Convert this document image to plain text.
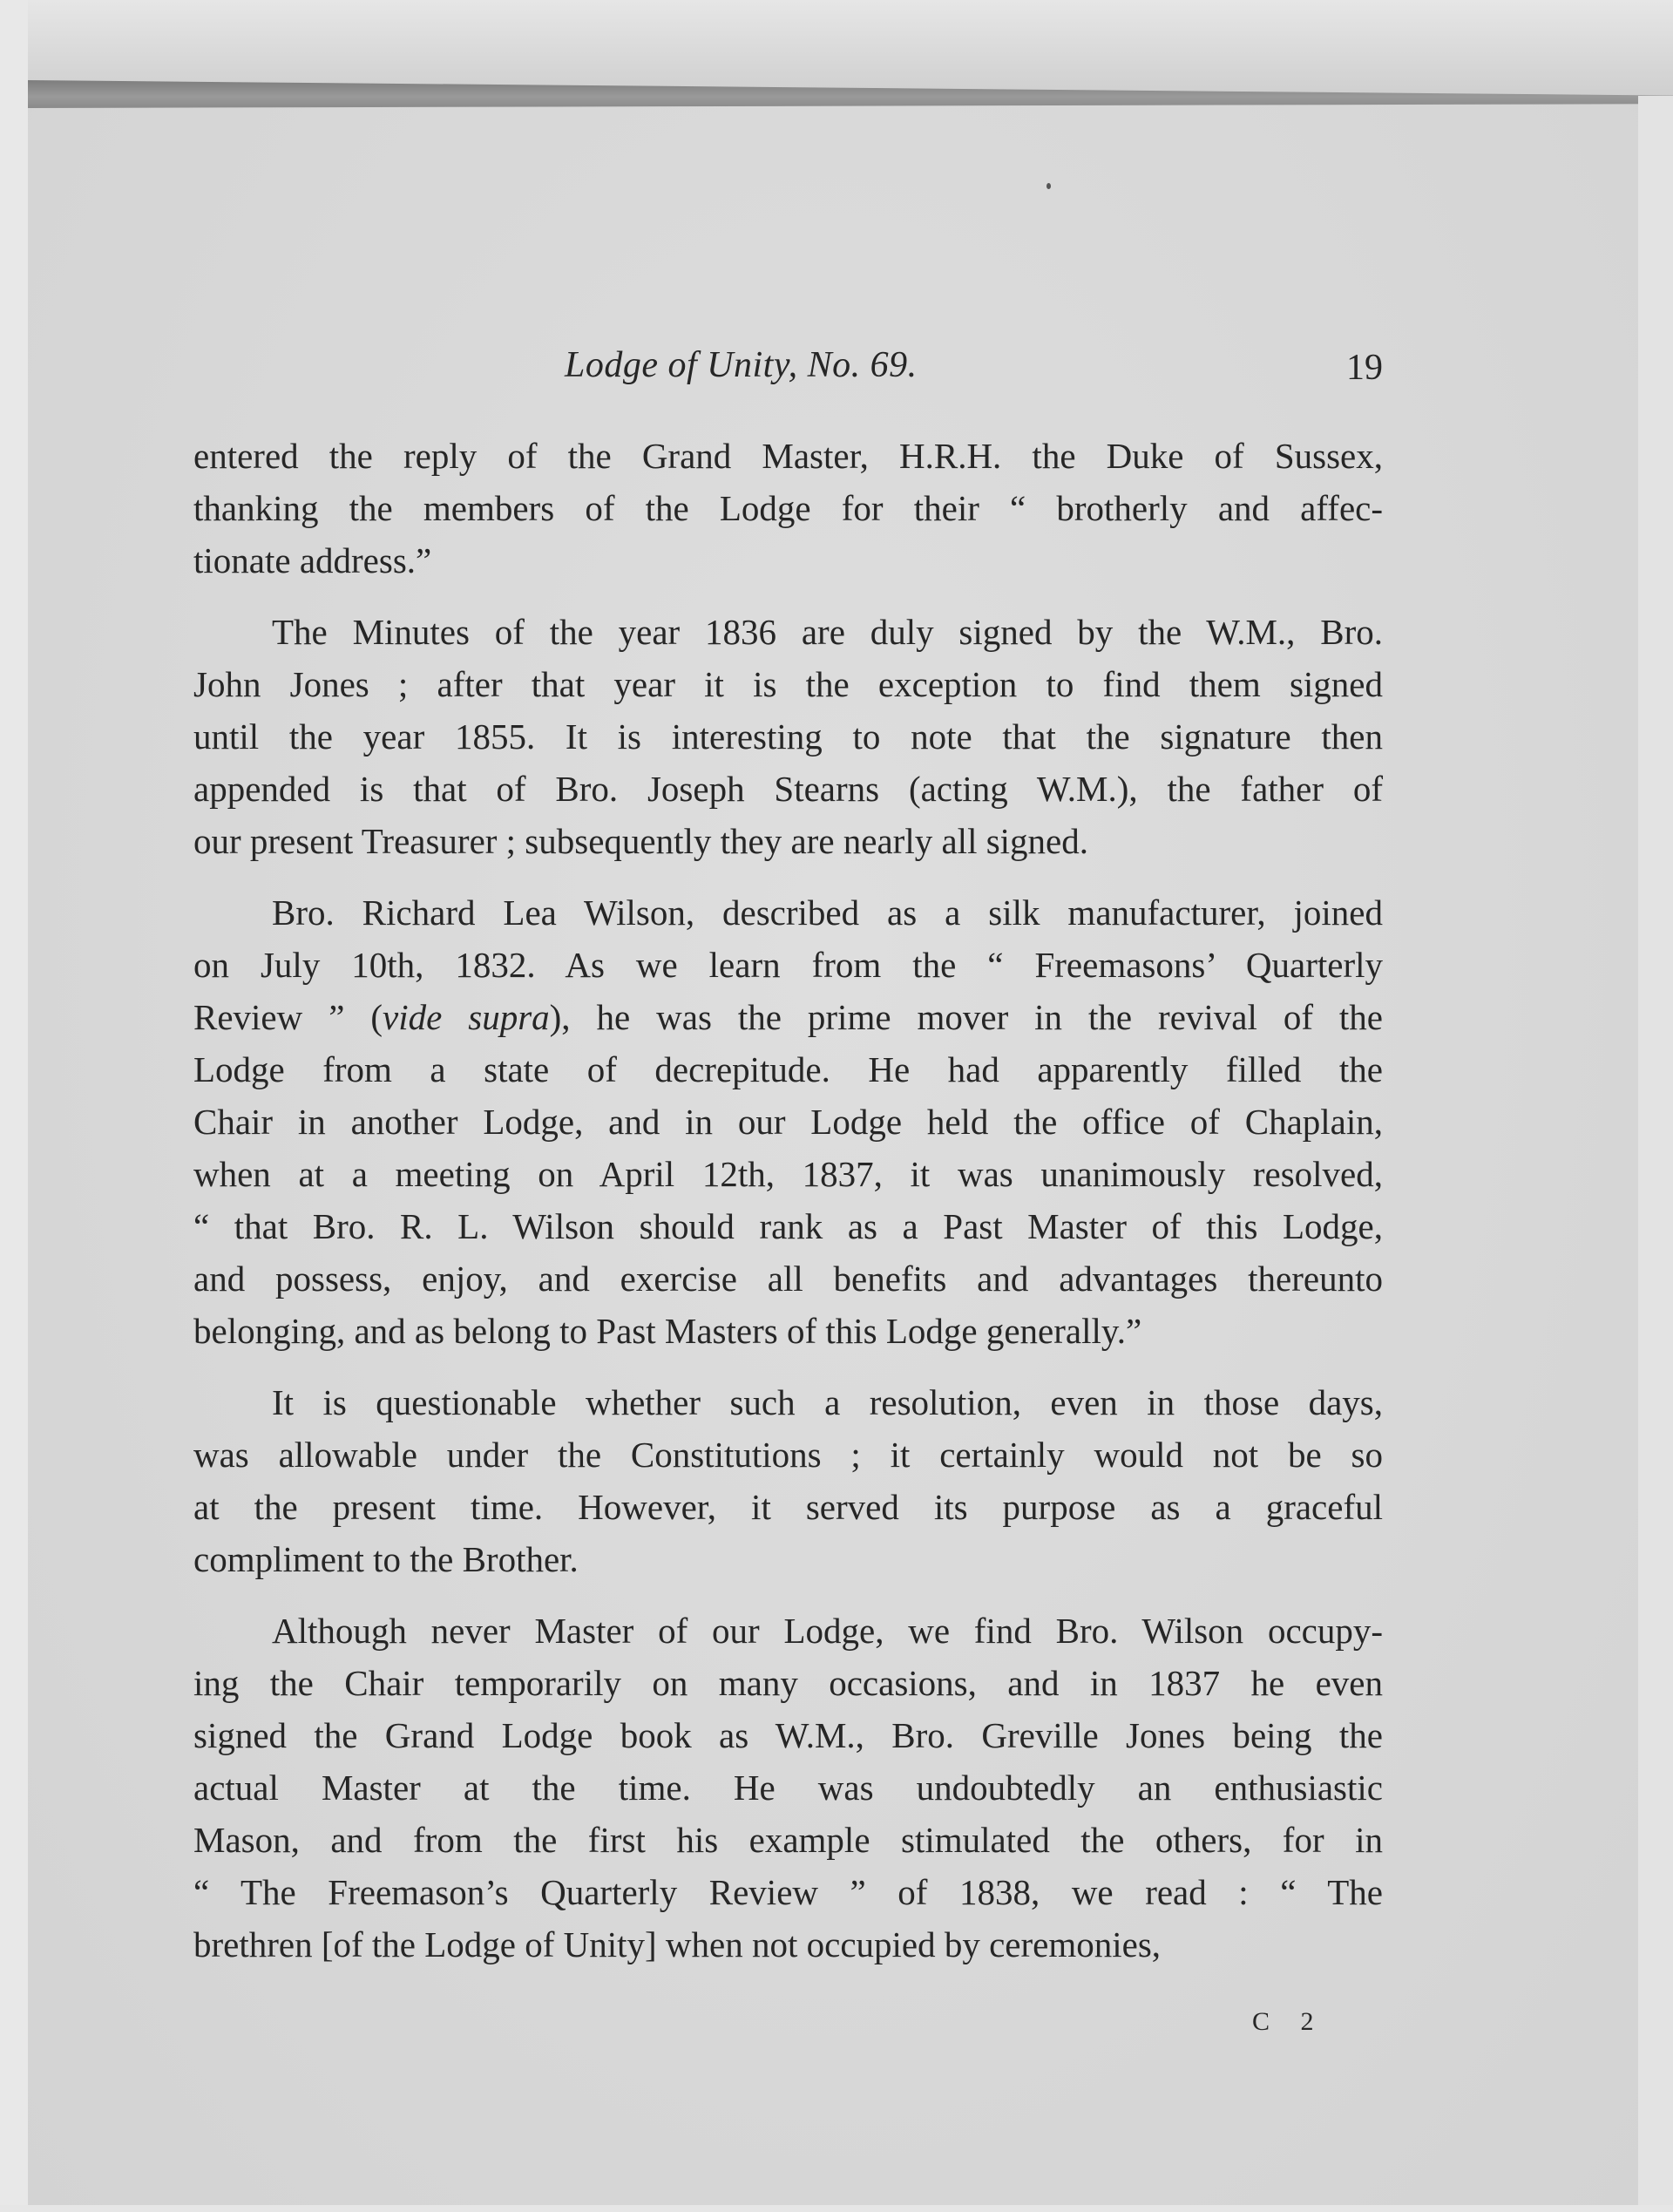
Lodge of Unity, No. 69.	19
entered the reply of the Grand Master, H.R.H. the Duke of Sussex,
thanking the members of the Lodge for their “ brotherly and affec-
tionate address.”
The Minutes of the year 1836 are duly signed by the W.M., Bro.
John Jones ; after that year it is the exception to find them signed
until the year 1855. It is interesting to note that the signature then
appended is that of Bro. Joseph Stearns (acting W.M.), the father of
our present Treasurer ; subsequently they are nearly all signed.
Bro. Richard Lea Wilson, described as a silk manufacturer, joined
on July 10th, 1832. As we learn from the “ Freemasons’ Quarterly
Review ” (vide supra), he was the prime mover in the revival of the
Lodge from a state of decrepitude. He had apparently filled the
Chair in another Lodge, and in our Lodge held the office of Chaplain,
when at a meeting on April 12th, 1837, it was unanimously resolved,
“ that Bro. R. L. Wilson should rank as a Past Master of this Lodge,
and possess, enjoy, and exercise all benefits and advantages thereunto
belonging, and as belong to Past Masters of this Lodge generally.”
It is questionable whether such a resolution, even in those days,
was allowable under the Constitutions ; it certainly would not be so
at the present time. However, it served its purpose as a graceful
compliment to the Brother.
Although never Master of our Lodge, we find Bro. Wilson occupy-
ing the Chair temporarily on many occasions, and in 1837 he even
signed the Grand Lodge book as W.M., Bro. Greville Jones being the
actual Master at the time. He was undoubtedly an enthusiastic
Mason, and from the first his example stimulated the others, for in
“ The Freemason’s Quarterly Review ” of 1838, we read : “ The
brethren [of the Lodge of Unity] when not occupied by ceremonies,
C 2
